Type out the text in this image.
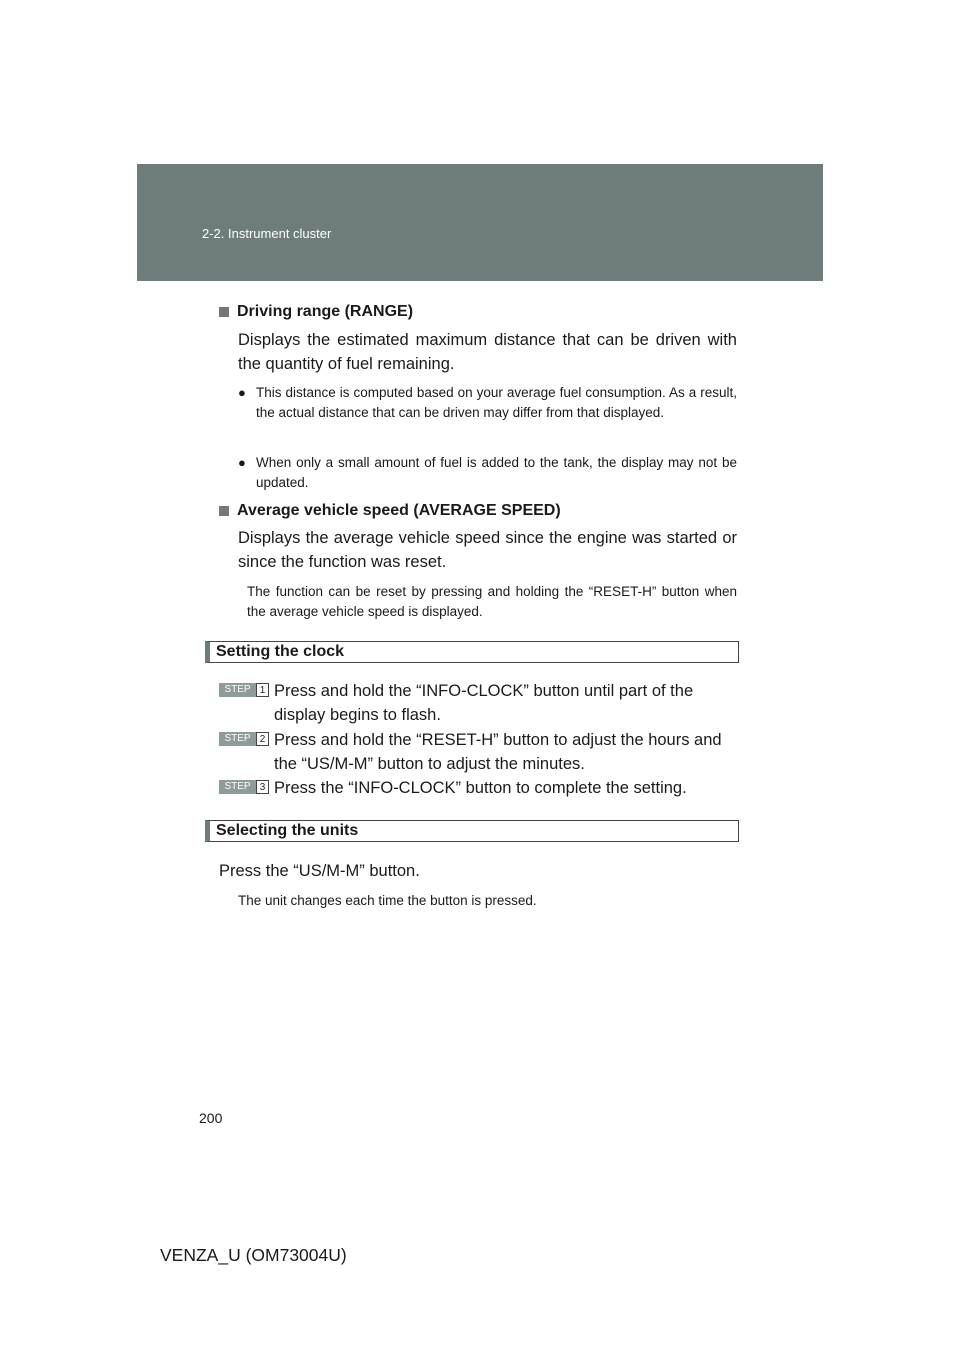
2-2. Instrument cluster
Driving range (RANGE)
Displays the estimated maximum distance that can be driven with the quantity of fuel remaining.
● This distance is computed based on your average fuel consumption. As a result, the actual distance that can be driven may differ from that displayed.
● When only a small amount of fuel is added to the tank, the display may not be updated.
Average vehicle speed (AVERAGE SPEED)
Displays the average vehicle speed since the engine was started or since the function was reset.
The function can be reset by pressing and holding the “RESET-H” button when the average vehicle speed is displayed.
Setting the clock
STEP 1 Press and hold the “INFO-CLOCK” button until part of the display begins to flash.
STEP 2 Press and hold the “RESET-H” button to adjust the hours and the “US/M-M” button to adjust the minutes.
STEP 3 Press the “INFO-CLOCK” button to complete the setting.
Selecting the units
Press the “US/M-M” button.
The unit changes each time the button is pressed.
200
VENZA_U (OM73004U)
